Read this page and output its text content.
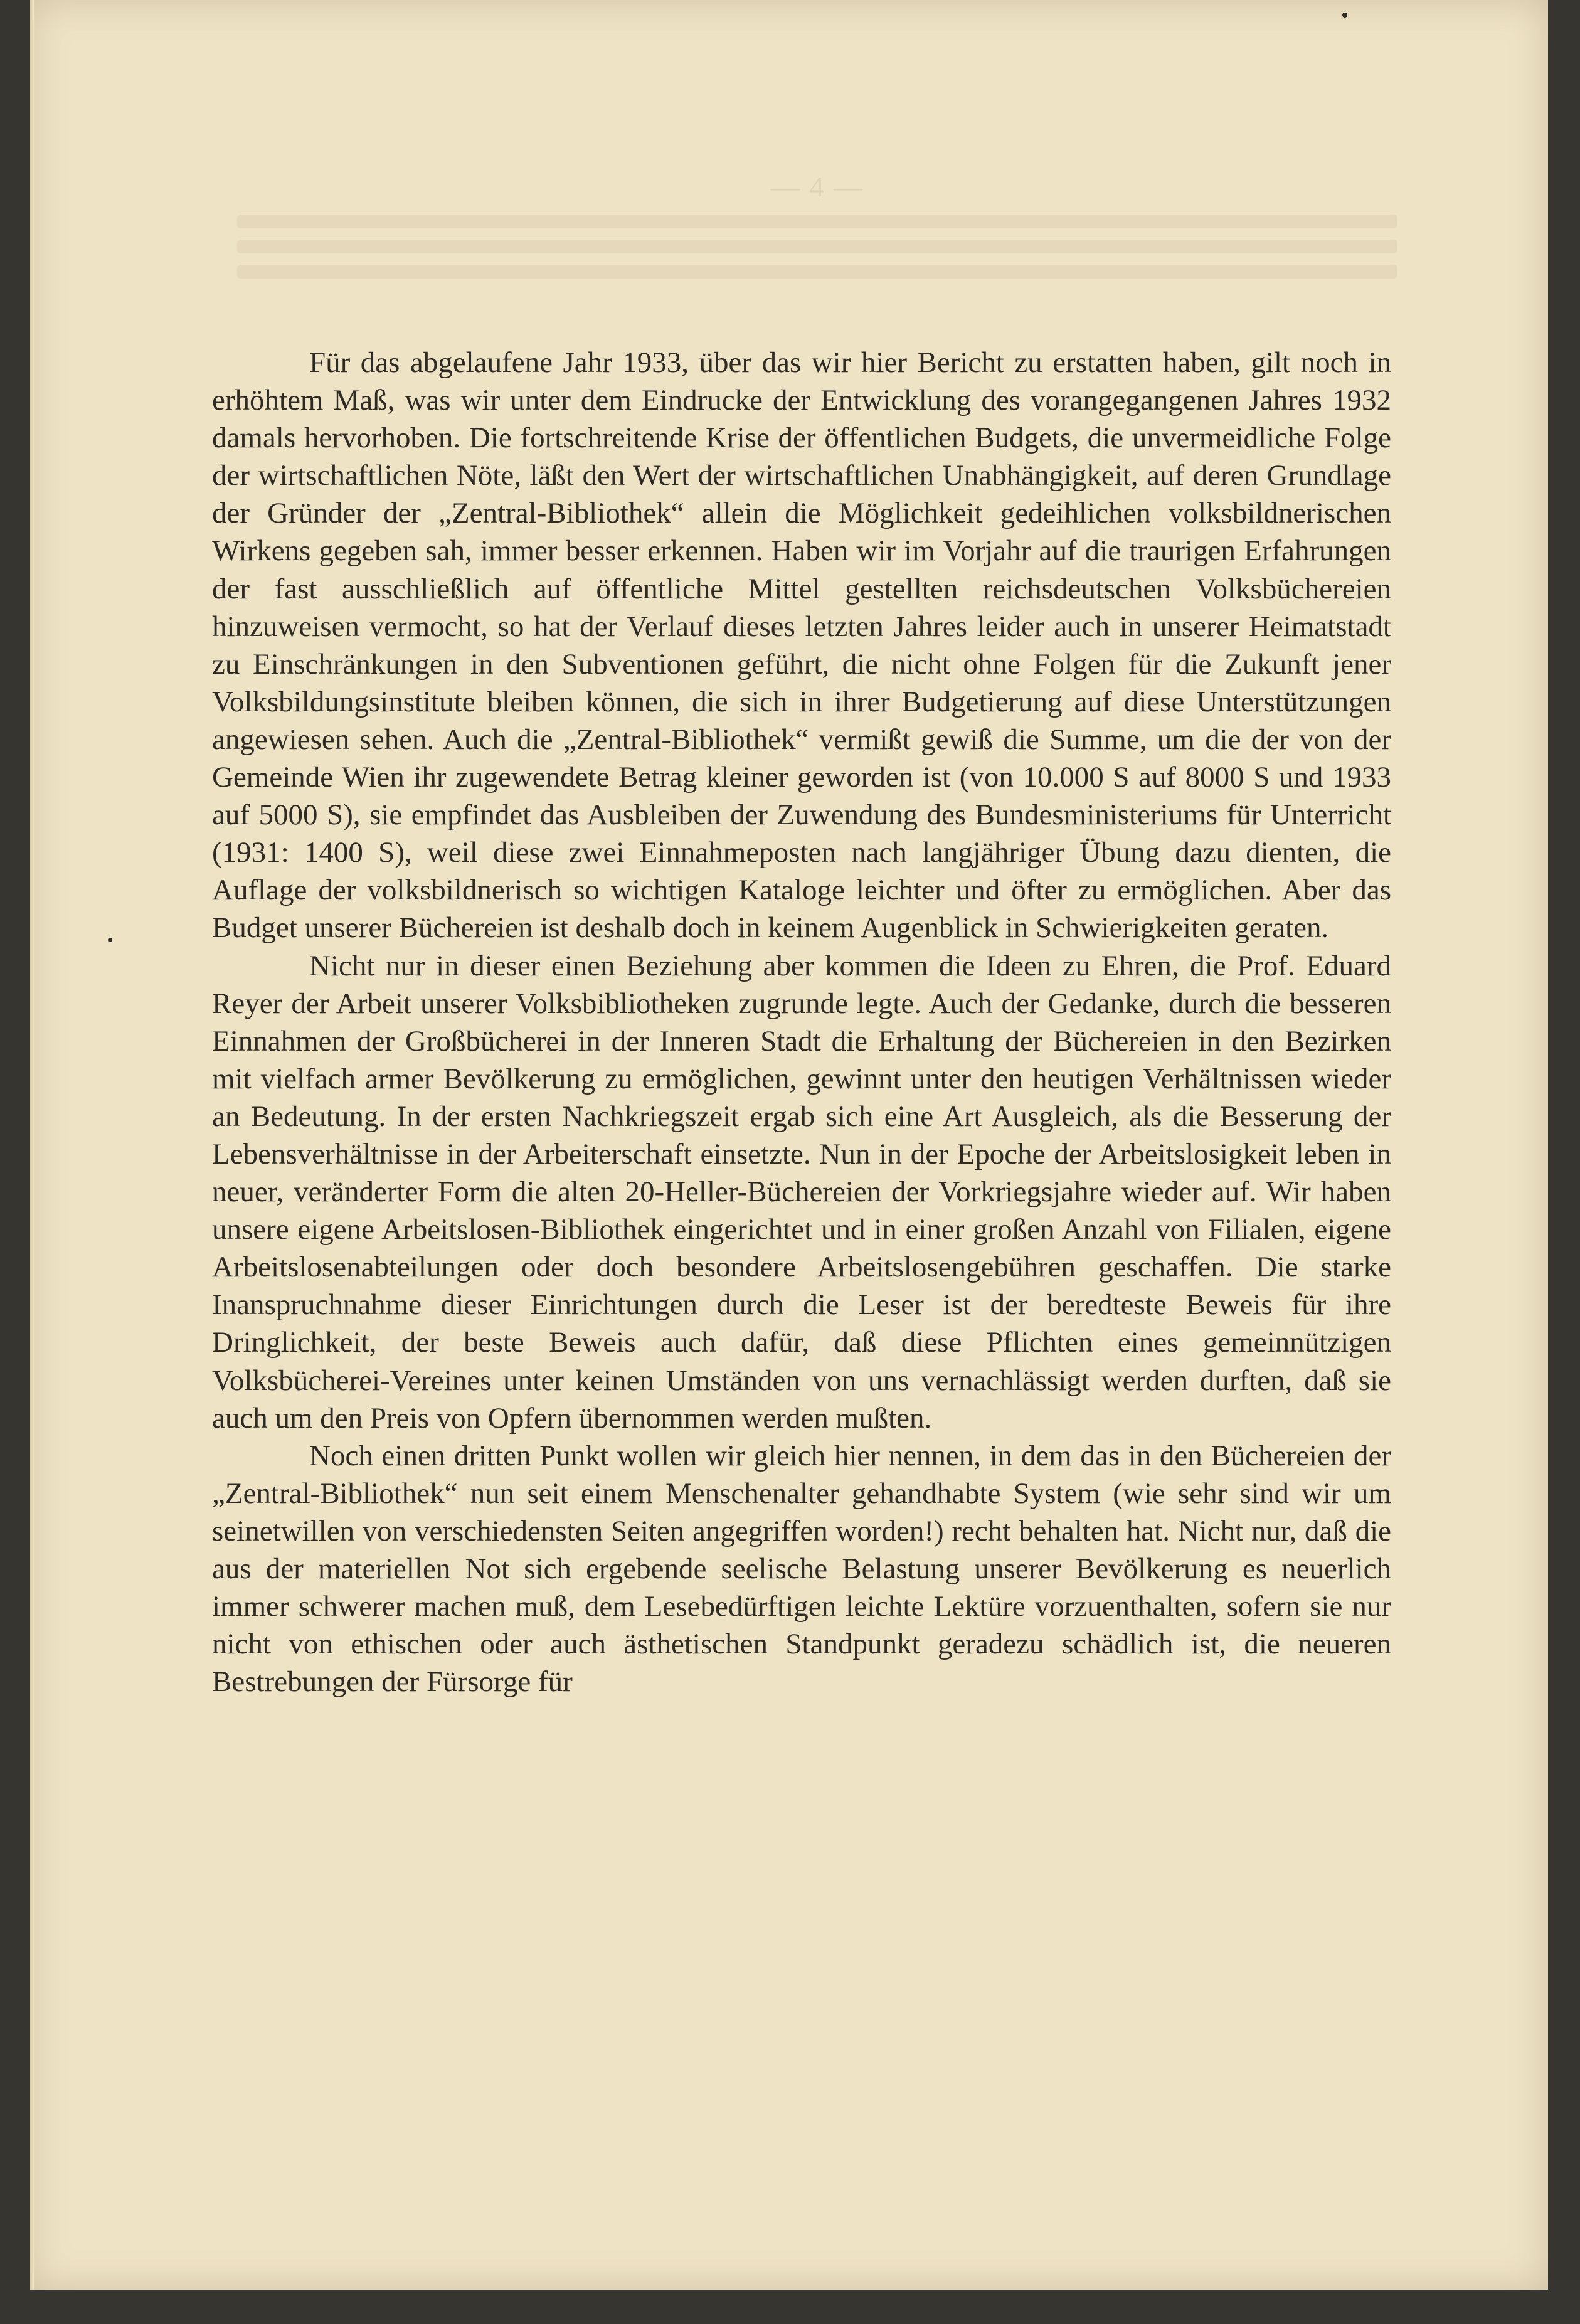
— 4 —

Für das abgelaufene Jahr 1933, über das wir hier Bericht zu erstatten haben, gilt noch in erhöhtem Maß, was wir unter dem Eindrucke der Entwicklung des vorangegangenen Jahres 1932 damals hervorhoben. Die fortschreitende Krise der öffentlichen Budgets, die unvermeidliche Folge der wirtschaftlichen Nöte, läßt den Wert der wirtschaftlichen Unabhängigkeit, auf deren Grundlage der Gründer der „Zentral-Bibliothek“ allein die Möglichkeit gedeihlichen volksbildnerischen Wirkens gegeben sah, immer besser erkennen. Haben wir im Vorjahr auf die traurigen Erfahrungen der fast ausschließlich auf öffentliche Mittel gestellten reichsdeutschen Volksbüchereien hinzuweisen vermocht, so hat der Verlauf dieses letzten Jahres leider auch in unserer Heimatstadt zu Einschränkungen in den Subventionen geführt, die nicht ohne Folgen für die Zukunft jener Volksbildungsinstitute bleiben können, die sich in ihrer Budgetierung auf diese Unterstützungen angewiesen sehen. Auch die „Zentral-Bibliothek“ vermißt gewiß die Summe, um die der von der Gemeinde Wien ihr zugewendete Betrag kleiner geworden ist (von 10.000 S auf 8000 S und 1933 auf 5000 S), sie empfindet das Ausbleiben der Zuwendung des Bundesministeriums für Unterricht (1931: 1400 S), weil diese zwei Einnahmeposten nach langjähriger Übung dazu dienten, die Auflage der volksbildnerisch so wichtigen Kataloge leichter und öfter zu ermöglichen. Aber das Budget unserer Büchereien ist deshalb doch in keinem Augenblick in Schwierigkeiten geraten.

Nicht nur in dieser einen Beziehung aber kommen die Ideen zu Ehren, die Prof. Eduard Reyer der Arbeit unserer Volksbibliotheken zugrunde legte. Auch der Gedanke, durch die besseren Einnahmen der Großbücherei in der Inneren Stadt die Erhaltung der Büchereien in den Bezirken mit vielfach armer Bevölkerung zu ermöglichen, gewinnt unter den heutigen Verhältnissen wieder an Bedeutung. In der ersten Nachkriegszeit ergab sich eine Art Ausgleich, als die Besserung der Lebensverhältnisse in der Arbeiterschaft einsetzte. Nun in der Epoche der Arbeitslosigkeit leben in neuer, veränderter Form die alten 20-Heller-Büchereien der Vorkriegsjahre wieder auf. Wir haben unsere eigene Arbeitslosen-Bibliothek eingerichtet und in einer großen Anzahl von Filialen, eigene Arbeitslosenabteilungen oder doch besondere Arbeitslosengebühren geschaffen. Die starke Inanspruchnahme dieser Einrichtungen durch die Leser ist der beredteste Beweis für ihre Dringlichkeit, der beste Beweis auch dafür, daß diese Pflichten eines gemeinnützigen Volksbücherei-Vereines unter keinen Umständen von uns vernachlässigt werden durften, daß sie auch um den Preis von Opfern übernommen werden mußten.

Noch einen dritten Punkt wollen wir gleich hier nennen, in dem das in den Büchereien der „Zentral-Bibliothek“ nun seit einem Menschenalter gehandhabte System (wie sehr sind wir um seinetwillen von verschiedensten Seiten angegriffen worden!) recht behalten hat. Nicht nur, daß die aus der materiellen Not sich ergebende seelische Belastung unserer Bevölkerung es neuerlich immer schwerer machen muß, dem Lesebedürftigen leichte Lektüre vorzuenthalten, sofern sie nur nicht von ethischen oder auch ästhetischen Standpunkt geradezu schädlich ist, die neueren Bestrebungen der Fürsorge für
